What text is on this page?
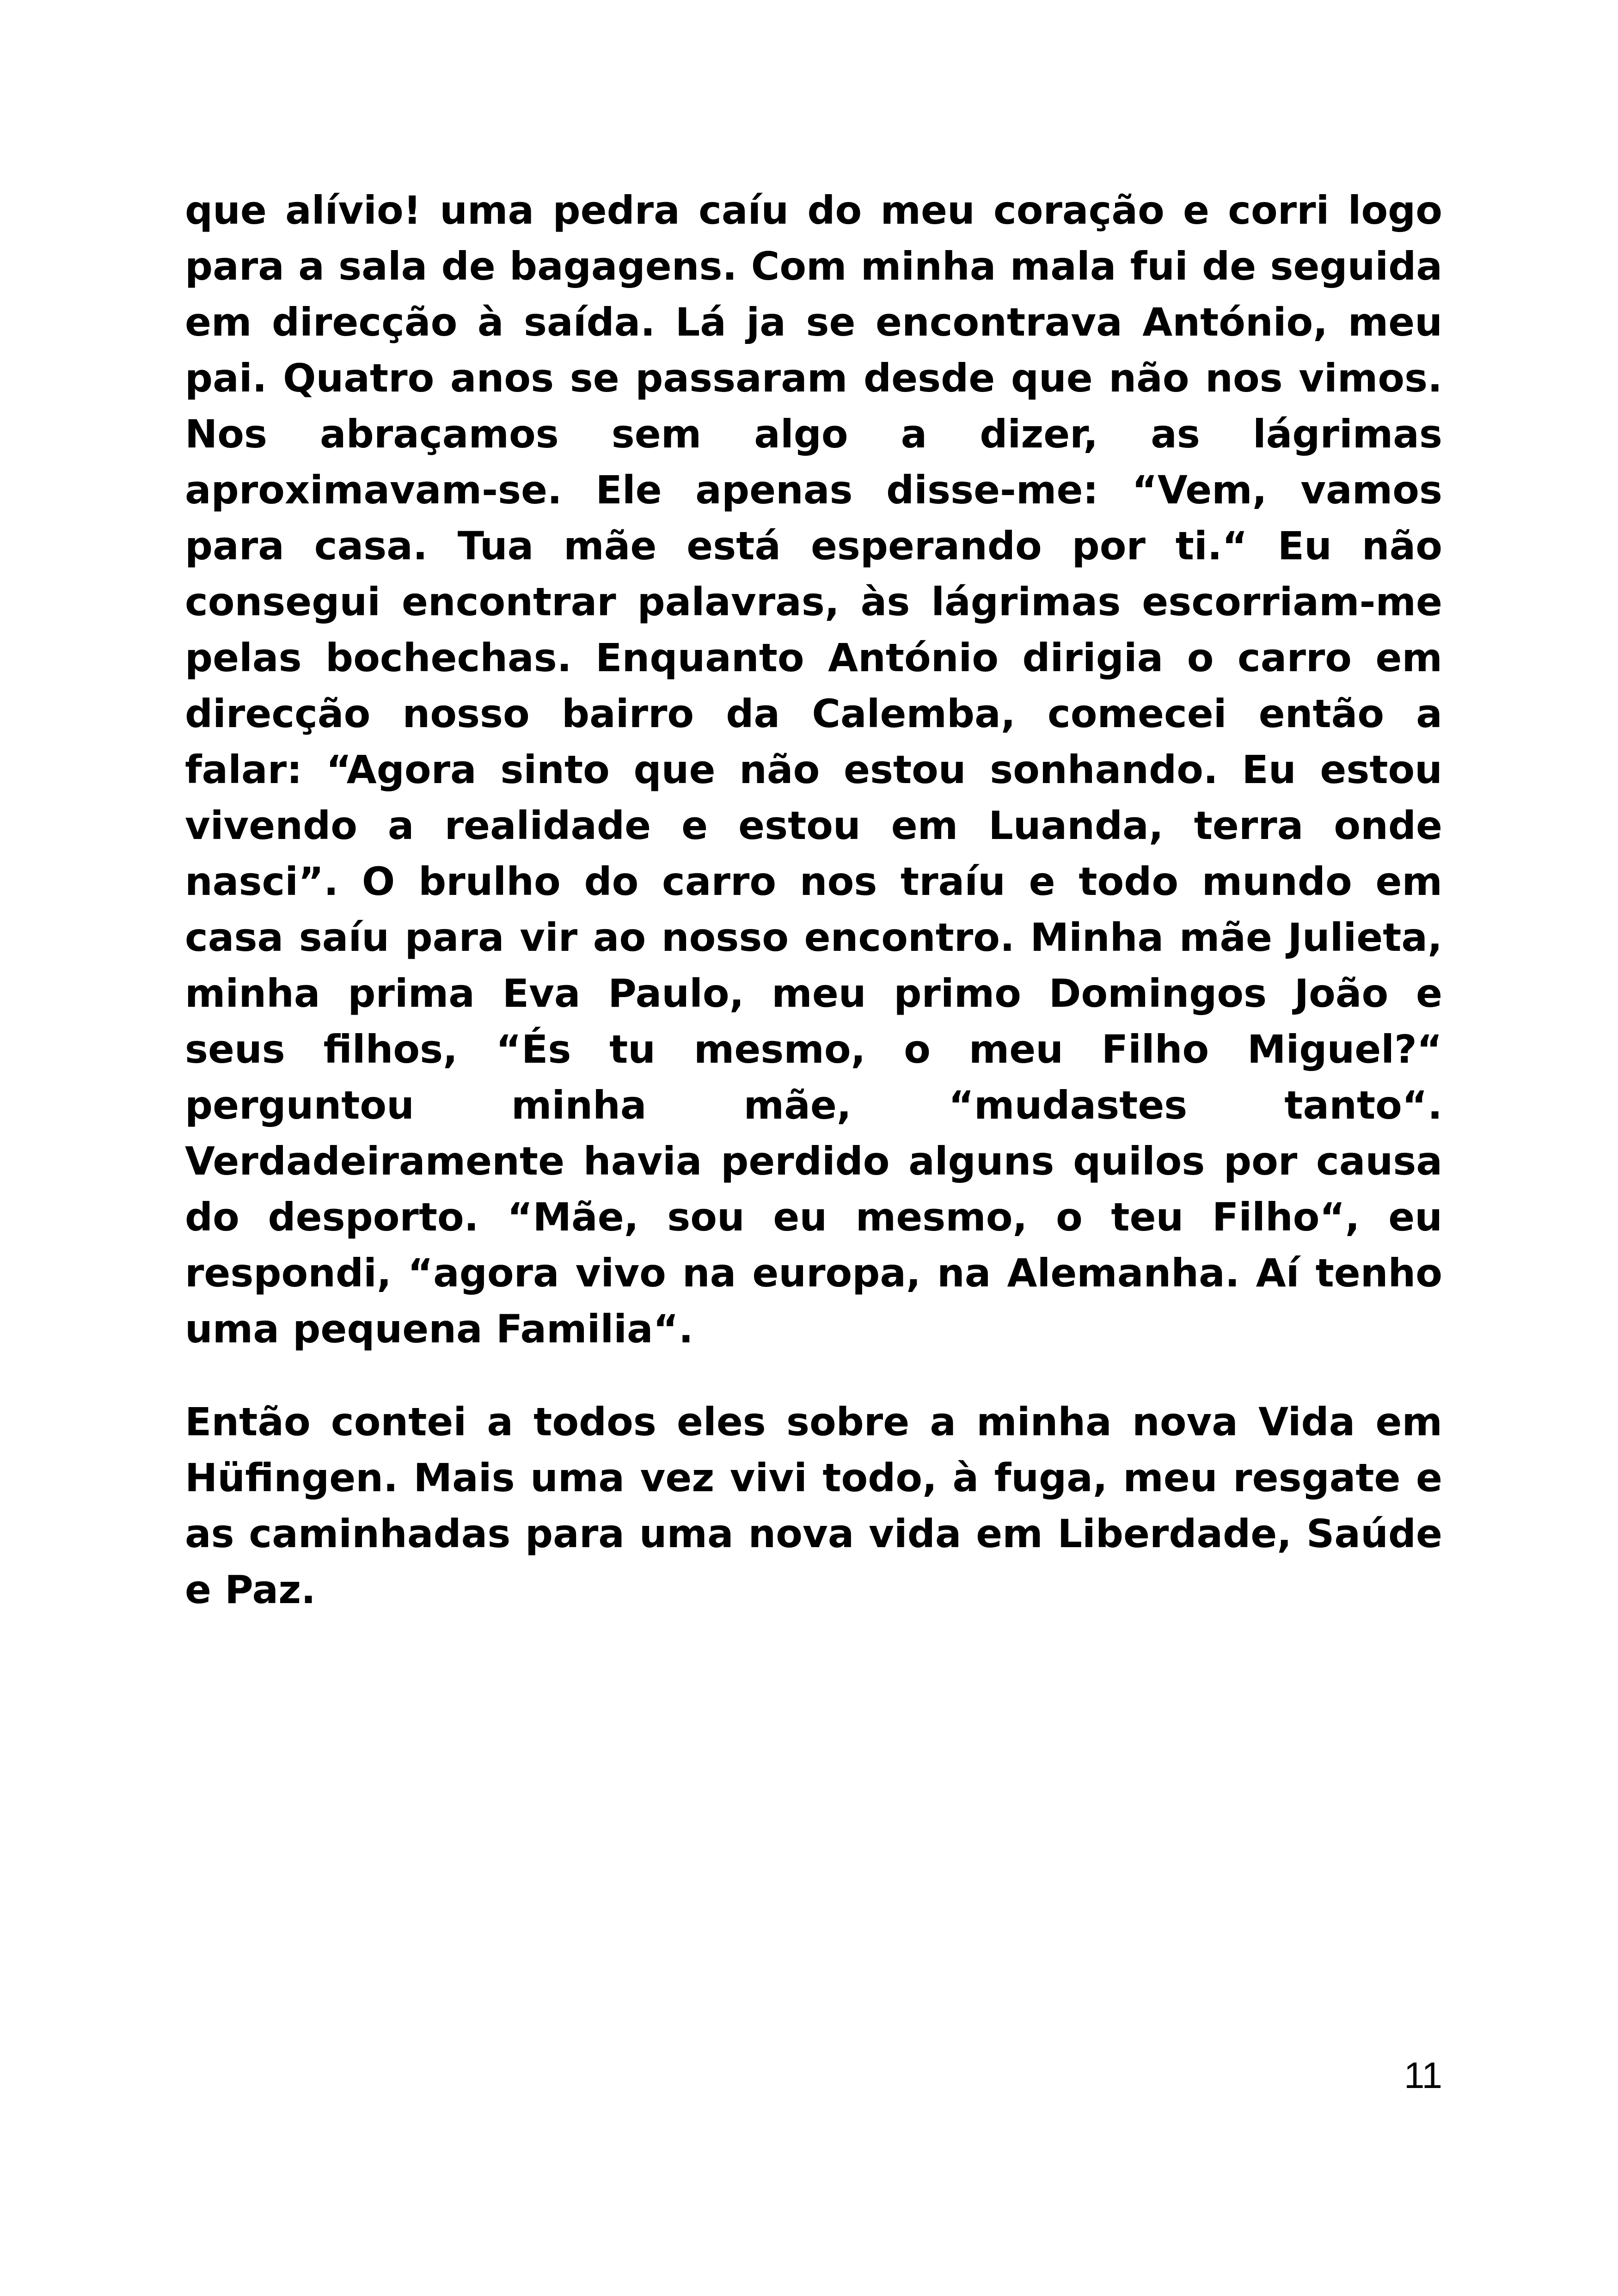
que alívio! uma pedra caíu do meu coração e corri logo para a sala de bagagens. Com minha mala fui de seguida em direcção à saída. Lá ja se encontrava António, meu pai. Quatro anos se passaram desde que não nos vimos. Nos abraçamos sem algo a dizer, as lágrimas aproximavam-se. Ele apenas disse-me: “Vem, vamos para casa. Tua mãe está esperando por ti.“ Eu não consegui encontrar palavras, às lágrimas escorriam-me pelas bochechas. Enquanto António dirigia o carro em direcção nosso bairro da Calemba, comecei então a falar: “Agora sinto que não estou sonhando. Eu estou vivendo a realidade e estou em Luanda, terra onde nasci”. O brulho do carro nos traíu e todo mundo em casa saíu para vir ao nosso encontro. Minha mãe Julieta, minha prima Eva Paulo, meu primo Domingos João e seus filhos, “És tu mesmo, o meu Filho Miguel?“ perguntou minha mãe, “mudastes tanto“. Verdadeiramente havia perdido alguns quilos por causa do desporto. “Mãe, sou eu mesmo, o teu Filho“, eu respondi, “agora vivo na europa, na Alemanha. Aí tenho uma pequena Familia“.

Então contei a todos eles sobre a minha nova Vida em Hüfingen. Mais uma vez vivi todo, à fuga, meu resgate e as caminhadas para uma nova vida em Liberdade, Saúde e Paz.

11
